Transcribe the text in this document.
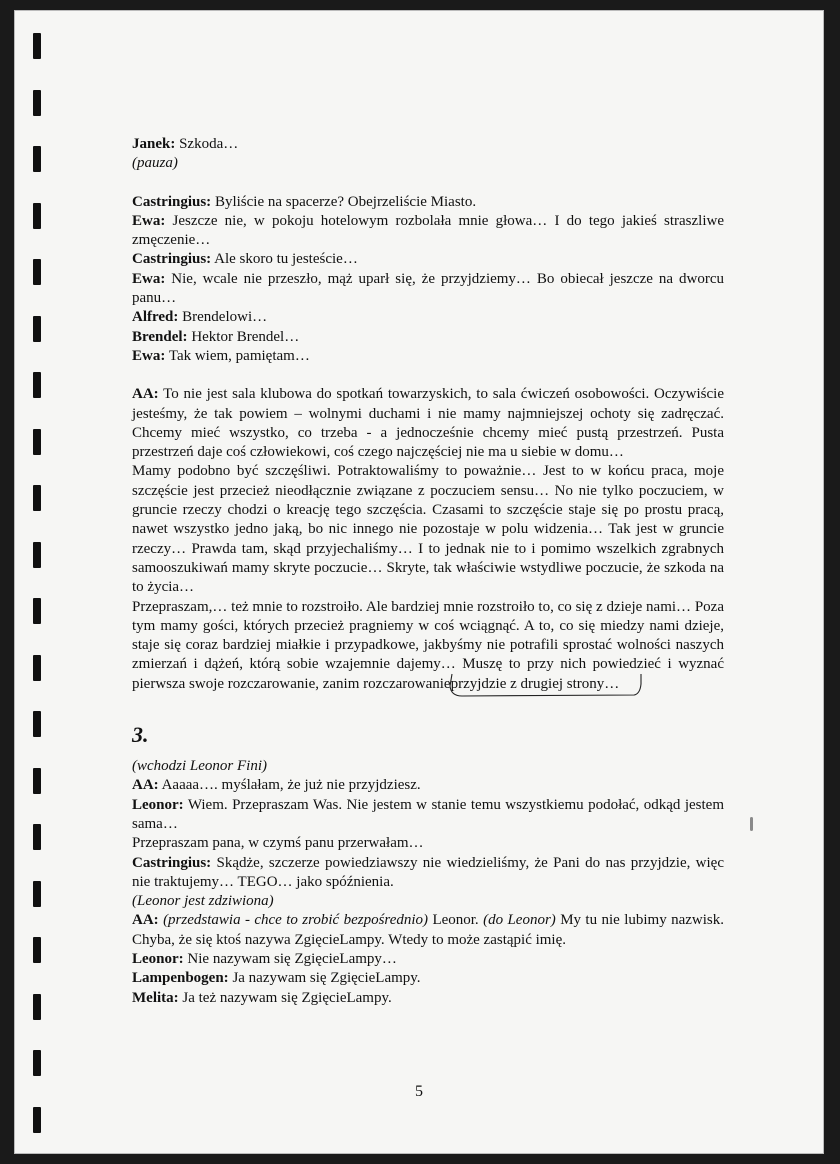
Janek: Szkoda…

(pauza)

Castringius: Byliście na spacerze? Obejrzeliście Miasto.

Ewa: Jeszcze nie, w pokoju hotelowym rozbolała mnie głowa… I do tego jakieś straszliwe zmęczenie…

Castringius: Ale skoro tu jesteście…

Ewa: Nie, wcale nie przeszło, mąż uparł się, że przyjdziemy… Bo obiecał jeszcze na dworcu panu…

Alfred: Brendelowi…

Brendel: Hektor Brendel…

Ewa: Tak wiem, pamiętam…

AA: To nie jest sala klubowa do spotkań towarzyskich, to sala ćwiczeń osobowości. Oczywiście jesteśmy, że tak powiem – wolnymi duchami i nie mamy najmniejszej ochoty się zadręczać. Chcemy mieć wszystko, co trzeba - a jednocześnie chcemy mieć pustą przestrzeń. Pusta przestrzeń daje coś człowiekowi, coś czego najczęściej nie ma u siebie w domu…

Mamy podobno być szczęśliwi. Potraktowaliśmy to poważnie… Jest to w końcu praca, moje szczęście jest przecież nieodłącznie związane z poczuciem sensu… No nie tylko poczuciem, w gruncie rzeczy chodzi o kreację tego szczęścia. Czasami to szczęście staje się po prostu pracą, nawet wszystko jedno jaką, bo nic innego nie pozostaje w polu widzenia… Tak jest w gruncie rzeczy… Prawda tam, skąd przyjechaliśmy… I to jednak nie to i pomimo wszelkich zgrabnych samooszukiwań mamy skryte poczucie… Skryte, tak właściwie wstydliwe poczucie, że szkoda na to życia…

Przepraszam,… też mnie to rozstroiło. Ale bardziej mnie rozstroiło to, co się z dzieje nami… Poza tym mamy gości, których przecież pragniemy w coś wciągnąć. A to, co się miedzy nami dzieje, staje się coraz bardziej miałkie i przypadkowe, jakbyśmy nie potrafili sprostać wolności naszych zmierzań i dążeń, którą sobie wzajemnie dajemy… Muszę to przy nich powiedzieć i wyznać pierwsza swoje rozczarowanie, zanim rozczarowanie
przyjdzie z drugiej strony…

3.

(wchodzi Leonor Fini)

AA: Aaaaa…. myślałam, że już nie przyjdziesz.

Leonor: Wiem. Przepraszam Was. Nie jestem w stanie temu wszystkiemu podołać, odkąd jestem sama…

Przepraszam pana, w czymś panu przerwałam…

Castringius: Skądże, szczerze powiedziawszy nie wiedzieliśmy, że Pani do nas przyjdzie, więc nie traktujemy… TEGO… jako spóźnienia.

(Leonor jest zdziwiona)

AA: (przedstawia - chce to zrobić bezpośrednio) Leonor. (do Leonor) My tu nie lubimy nazwisk. Chyba, że się ktoś nazywa ZgięcieLampy. Wtedy to może zastąpić imię.

Leonor: Nie nazywam się ZgięcieLampy…

Lampenbogen: Ja nazywam się ZgięcieLampy.

Melita: Ja też nazywam się ZgięcieLampy.

5
